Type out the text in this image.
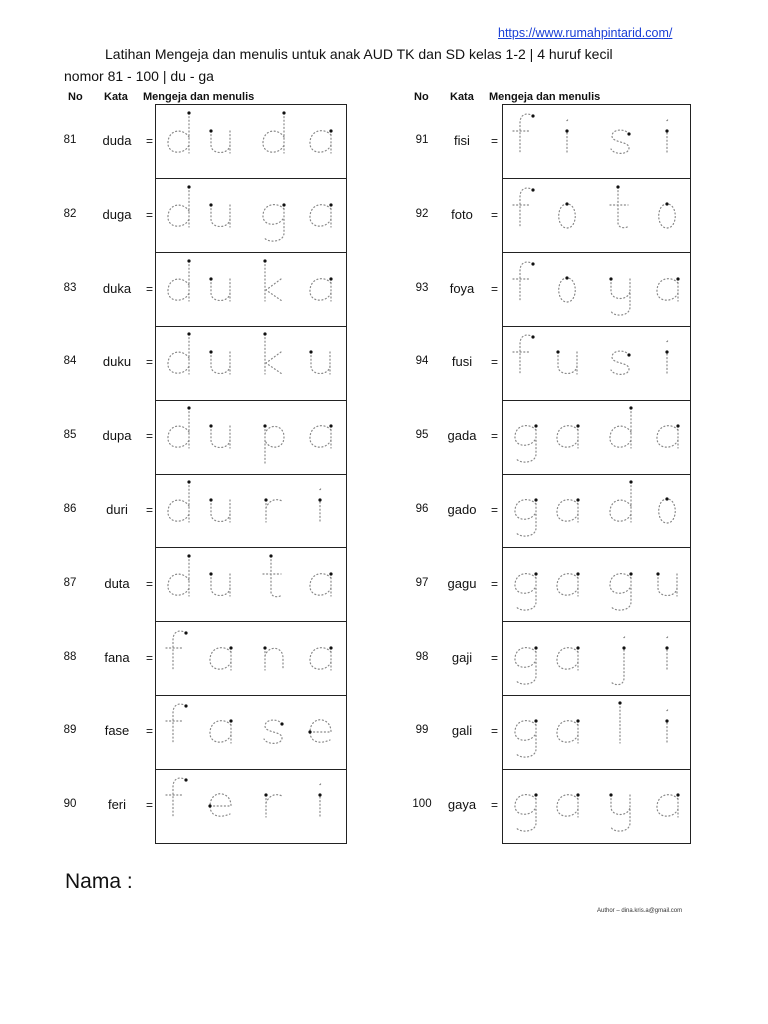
https://www.rumahpintarid.com/
Latihan Mengeja dan menulis untuk anak AUD TK dan SD kelas 1-2 | 4 huruf kecil
nomor 81 - 100 | du - ga
No Kata Mengeja dan menulis	No Kata Mengeja dan menulis
81	duda	=
82	duga	=
83	duka	=
84	duku	=
85	dupa	=
86	duri	=
87	duta	=
88	fana	=
89	fase	=
90	feri	=
91	fisi	=
92	foto	=
93	foya	=
94	fusi	=
95	gada	=
96	gado	=
97	gagu	=
98	gaji	=
99	gali	=
100	gaya	=
Nama :
Author – dina.kris.a@gmail.com
